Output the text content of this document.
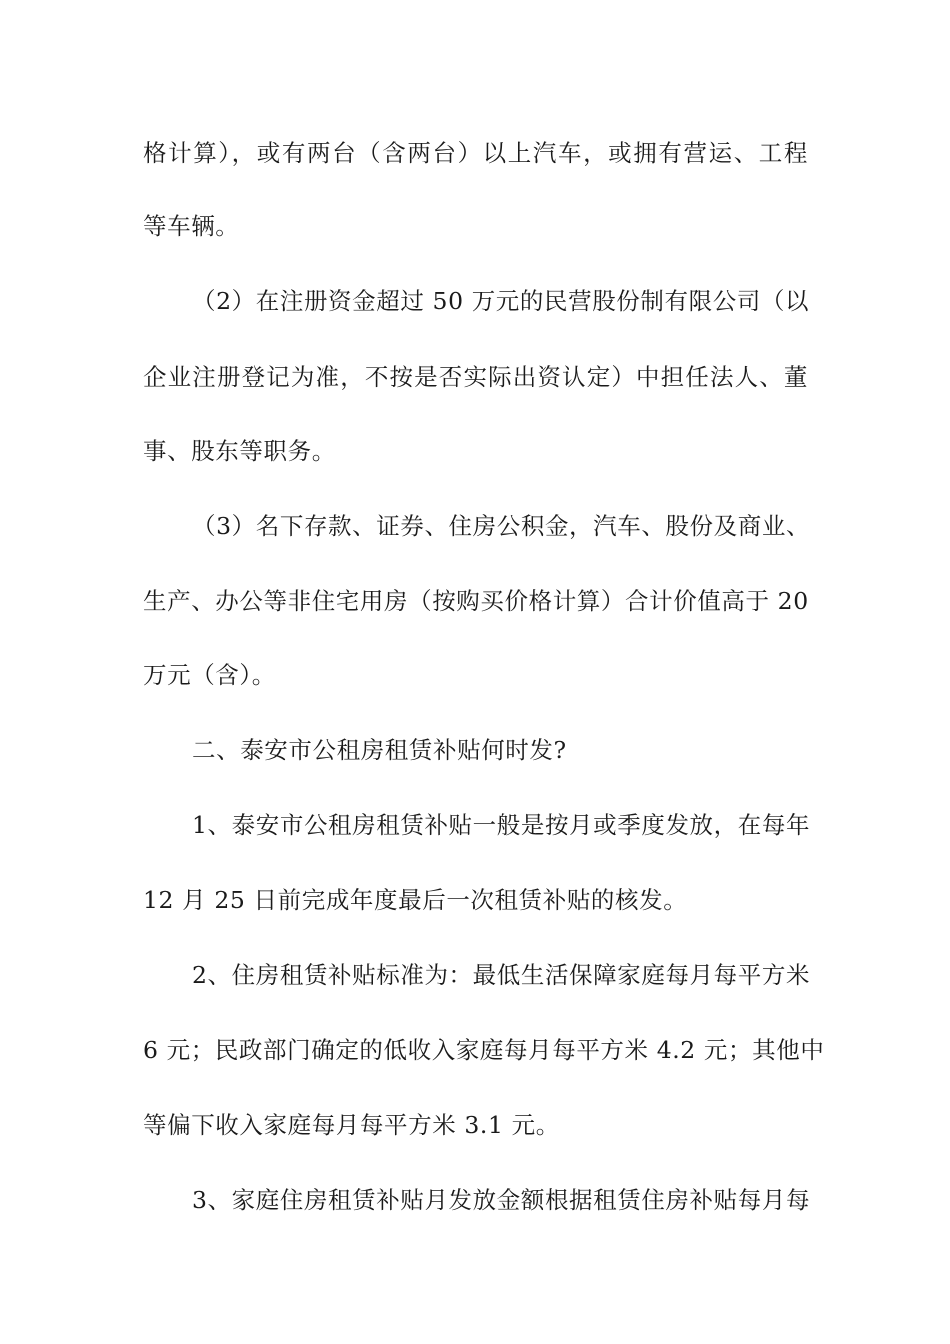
格计算），或有两台（含两台）以上汽车，或拥有营运、工程
等车辆。
（2）在注册资金超过 50 万元的民营股份制有限公司（以
企业注册登记为准，不按是否实际出资认定）中担任法人、董
事、股东等职务。
（3）名下存款、证券、住房公积金，汽车、股份及商业、
生产、办公等非住宅用房（按购买价格计算）合计价值高于 20
万元（含）。
二、泰安市公租房租赁补贴何时发?
1、泰安市公租房租赁补贴一般是按月或季度发放，在每年
12 月 25 日前完成年度最后一次租赁补贴的核发。
2、住房租赁补贴标准为：最低生活保障家庭每月每平方米
6 元；民政部门确定的低收入家庭每月每平方米 4.2 元；其他中
等偏下收入家庭每月每平方米 3.1 元。
3、家庭住房租赁补贴月发放金额根据租赁住房补贴每月每
